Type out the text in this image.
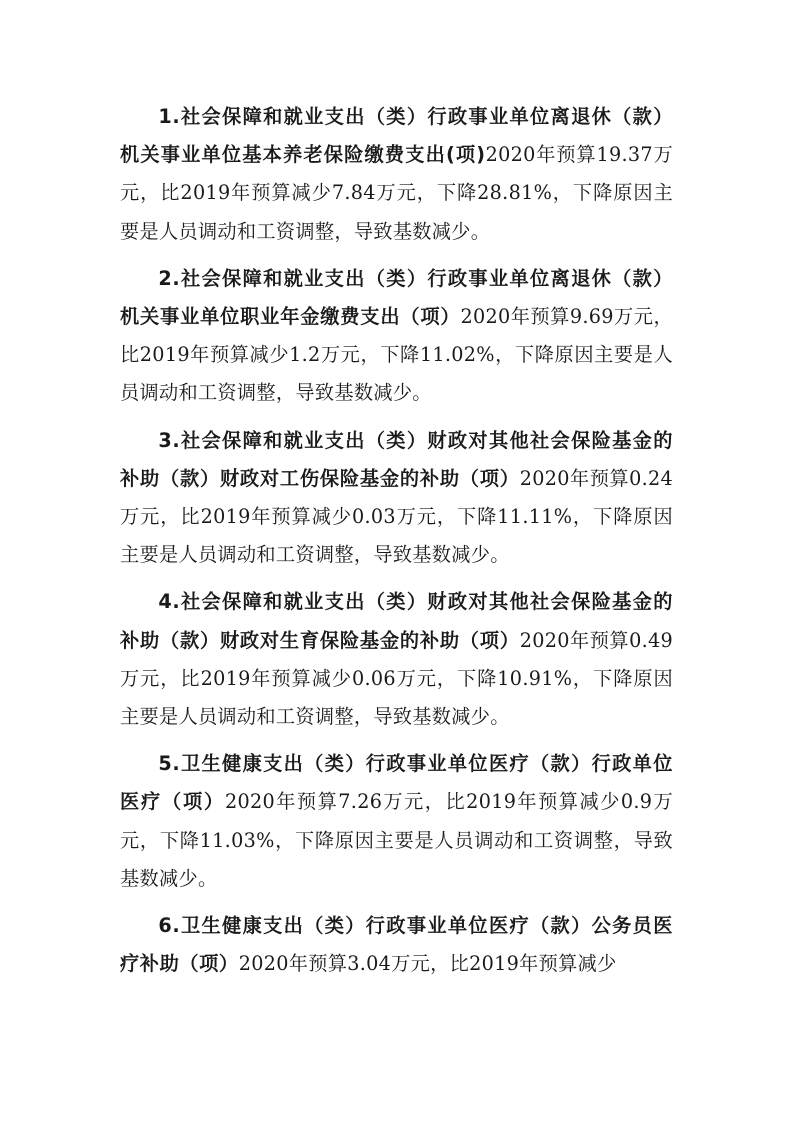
1.社会保障和就业支出（类）行政事业单位离退休（款）机关事业单位基本养老保险缴费支出(项)2020年预算19.37万元，比2019年预算减少7.84万元，下降28.81%，下降原因主要是人员调动和工资调整，导致基数减少。

2.社会保障和就业支出（类）行政事业单位离退休（款）机关事业单位职业年金缴费支出（项）2020年预算9.69万元，比2019年预算减少1.2万元，下降11.02%，下降原因主要是人员调动和工资调整，导致基数减少。

3.社会保障和就业支出（类）财政对其他社会保险基金的补助（款）财政对工伤保险基金的补助（项）2020年预算0.24万元，比2019年预算减少0.03万元，下降11.11%，下降原因主要是人员调动和工资调整，导致基数减少。

4.社会保障和就业支出（类）财政对其他社会保险基金的补助（款）财政对生育保险基金的补助（项）2020年预算0.49万元，比2019年预算减少0.06万元，下降10.91%，下降原因主要是人员调动和工资调整，导致基数减少。

5.卫生健康支出（类）行政事业单位医疗（款）行政单位医疗（项）2020年预算7.26万元，比2019年预算减少0.9万元，下降11.03%，下降原因主要是人员调动和工资调整，导致基数减少。

6.卫生健康支出（类）行政事业单位医疗（款）公务员医疗补助（项）2020年预算3.04万元，比2019年预算减少
